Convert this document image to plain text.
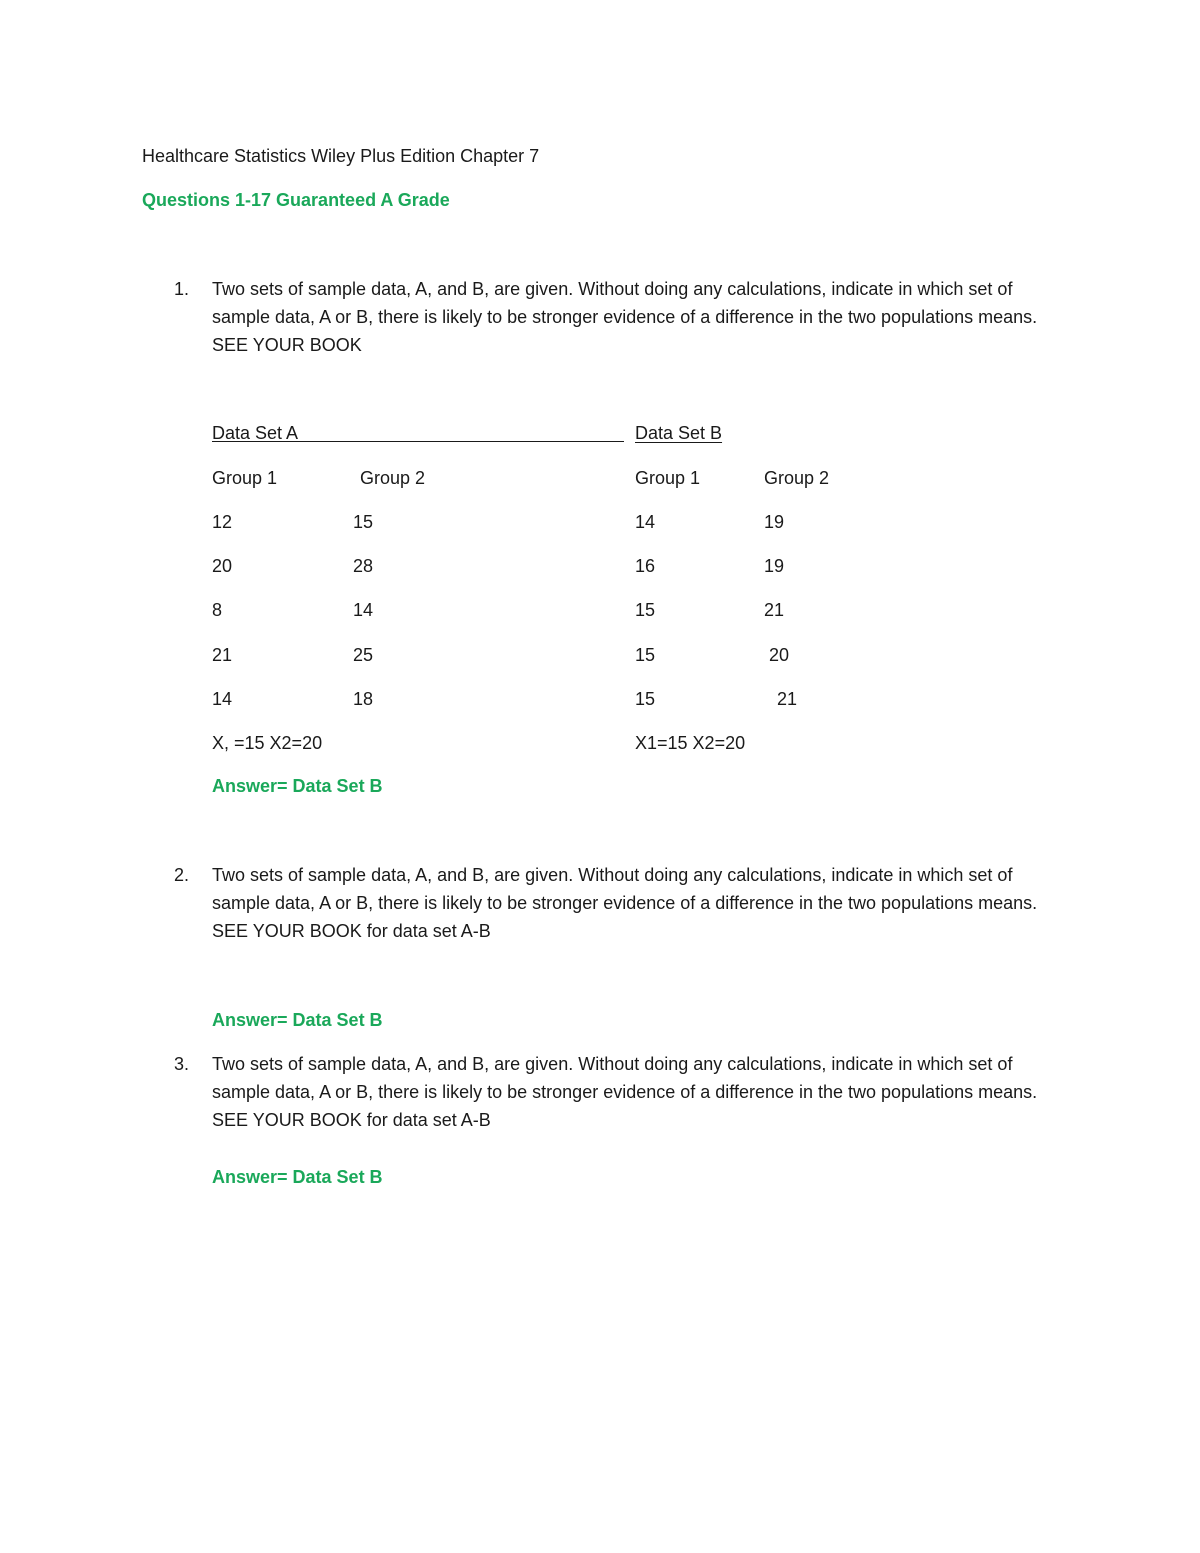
Healthcare Statistics Wiley Plus Edition Chapter 7
Questions 1-17 Guaranteed A Grade
1. Two sets of sample data, A, and B, are given. Without doing any calculations, indicate in which set of sample data, A or B, there is likely to be stronger evidence of a difference in the two populations means. SEE YOUR BOOK
Data Set A
Group 1	Group 2
12	15
20	28
8	14
21	25
14	18
X, =15 X2=20
Data Set B
Group 1	Group 2
14	19
16	19
15	21
15	20
15	21
X1=15 X2=20
Answer= Data Set B
2. Two sets of sample data, A, and B, are given. Without doing any calculations, indicate in which set of sample data, A or B, there is likely to be stronger evidence of a difference in the two populations means. SEE YOUR BOOK for data set A-B
Answer= Data Set B
3. Two sets of sample data, A, and B, are given. Without doing any calculations, indicate in which set of sample data, A or B, there is likely to be stronger evidence of a difference in the two populations means. SEE YOUR BOOK for data set A-B
Answer= Data Set B
